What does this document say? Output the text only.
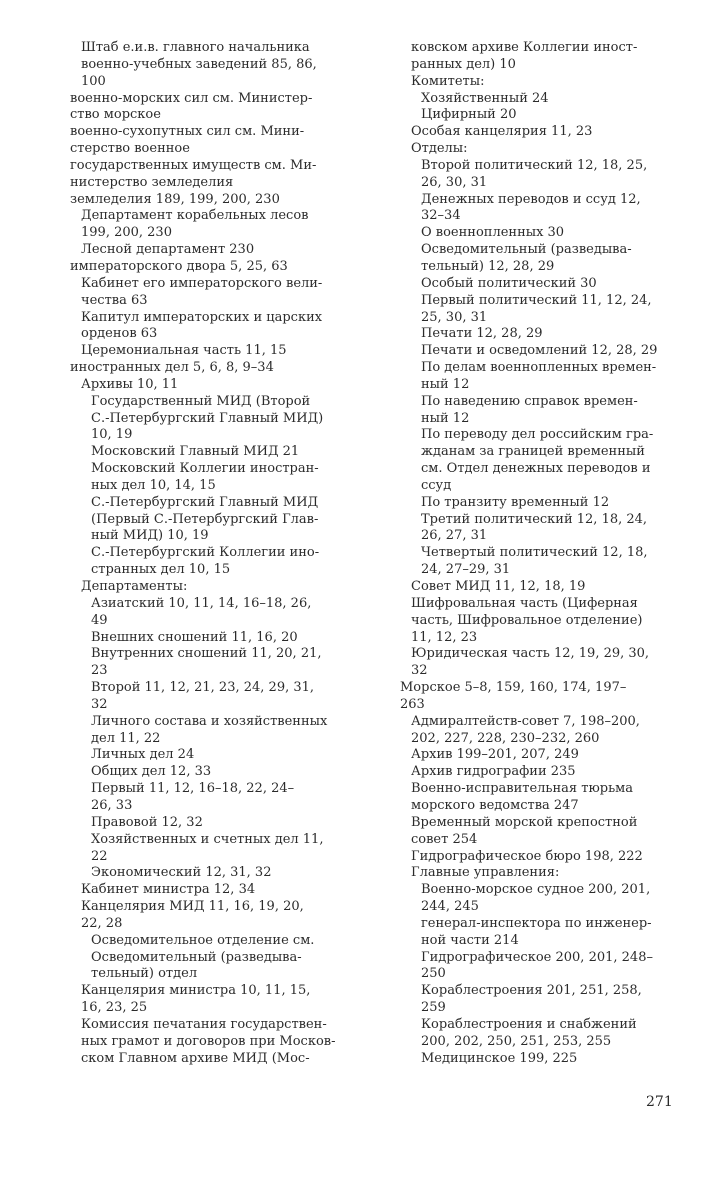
Штаб е.и.в. главного начальника
военно-учебных заведений 85, 86,
100
военно-морских сил см. Министер-
ство морское
военно-сухопутных сил см. Мини-
стерство военное
государственных имуществ см. Ми-
нистерство земледелия
земледелия 189, 199, 200, 230
Департамент корабельных лесов
199, 200, 230
Лесной департамент 230
императорского двора 5, 25, 63
Кабинет его императорского вели-
чества 63
Капитул императорских и царских
орденов 63
Церемониальная часть 11, 15
иностранных дел 5, 6, 8, 9–34
Архивы 10, 11
Государственный МИД (Второй
С.-Петербургский Главный МИД)
10, 19
Московский Главный МИД 21
Московский Коллегии иностран-
ных дел 10, 14, 15
С.-Петербургский Главный МИД
(Первый С.-Петербургский Глав-
ный МИД) 10, 19
С.-Петербургский Коллегии ино-
странных дел 10, 15
Департаменты:
Азиатский 10, 11, 14, 16–18, 26,
49
Внешних сношений 11, 16, 20
Внутренних сношений 11, 20, 21,
23
Второй 11, 12, 21, 23, 24, 29, 31,
32
Личного состава и хозяйственных
дел 11, 22
Личных дел 24
Общих дел 12, 33
Первый 11, 12, 16–18, 22, 24–
26, 33
Правовой 12, 32
Хозяйственных и счетных дел 11,
22
Экономический 12, 31, 32
Кабинет министра 12, 34
Канцелярия МИД 11, 16, 19, 20,
22, 28
Осведомительное отделение см.
Осведомительный (разведыва-
тельный) отдел
Канцелярия министра 10, 11, 15,
16, 23, 25
Комиссия печатания государствен-
ных грамот и договоров при Москов-
ском Главном архиве МИД (Мос-
ковском архиве Коллегии иност-
ранных дел) 10
Комитеты:
Хозяйственный 24
Цифирный 20
Особая канцелярия 11, 23
Отделы:
Второй политический 12, 18, 25,
26, 30, 31
Денежных переводов и ссуд 12,
32–34
О военнопленных 30
Осведомительный (разведыва-
тельный) 12, 28, 29
Особый политический 30
Первый политический 11, 12, 24,
25, 30, 31
Печати 12, 28, 29
Печати и осведомлений 12, 28, 29
По делам военнопленных времен-
ный 12
По наведению справок времен-
ный 12
По переводу дел российским гра-
жданам за границей временный
см. Отдел денежных переводов и
ссуд
По транзиту временный 12
Третий политический 12, 18, 24,
26, 27, 31
Четвертый политический 12, 18,
24, 27–29, 31
Совет МИД 11, 12, 18, 19
Шифровальная часть (Циферная
часть, Шифровальное отделение)
11, 12, 23
Юридическая часть 12, 19, 29, 30,
32
Морское 5–8, 159, 160, 174, 197–
263
Адмиралтейств-совет 7, 198–200,
202, 227, 228, 230–232, 260
Архив 199–201, 207, 249
Архив гидрографии 235
Военно-исправительная тюрьма
морского ведомства 247
Временный морской крепостной
совет 254
Гидрографическое бюро 198, 222
Главные управления:
Военно-морское судное 200, 201,
244, 245
генерал-инспектора по инженер-
ной части 214
Гидрографическое 200, 201, 248–
250
Кораблестроения 201, 251, 258,
259
Кораблестроения и снабжений
200, 202, 250, 251, 253, 255
Медицинское 199, 225
271
